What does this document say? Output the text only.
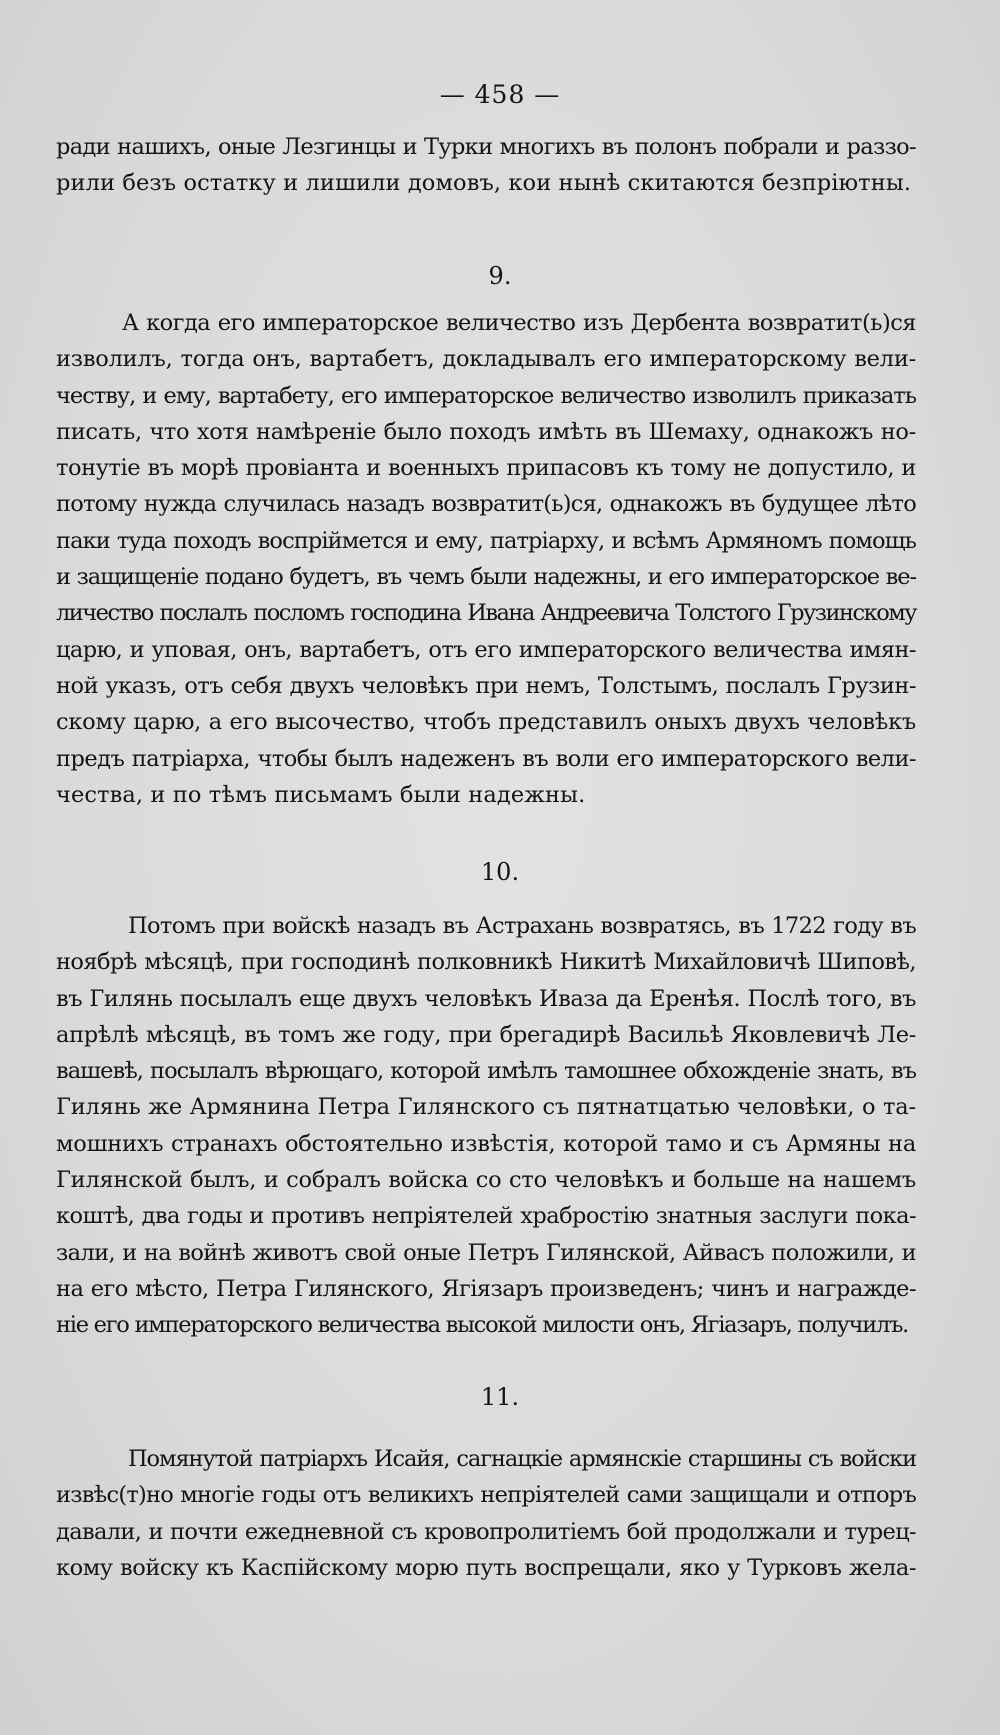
— 458 —
ради нашихъ, оные Лезгинцы и Турки многихъ въ полонъ побрали и раззо-
рили безъ остатку и лишили домовъ, кои нынѣ скитаются безпріютны.
9.
А когда его императорское величество изъ Дербента возвратит(ь)ся
изволилъ, тогда онъ, вартабетъ, докладывалъ его императорскому вели-
честву, и ему, вартабету, его императорское величество изволилъ приказать
писать, что хотя намѣреніе было походъ имѣть въ Шемаху, однакожъ но-
тонутіе въ морѣ провіанта и военныхъ припасовъ къ тому не допустило, и
потому нужда случилась назадъ возвратит(ь)ся, однакожъ въ будущее лѣто
паки туда походъ воспріймется и ему, патріарху, и всѣмъ Армяномъ помощь
и защищеніе подано будетъ, въ чемъ были надежны, и его императорское ве-
личество послалъ посломъ господина Ивана Андреевича Толстого Грузинскому
царю, и уповая, онъ, вартабетъ, отъ его императорского величества имян-
ной указъ, отъ себя двухъ человѣкъ при немъ, Толстымъ, послалъ Грузин-
скому царю, а его высочество, чтобъ представилъ оныхъ двухъ человѣкъ
предъ патріарха, чтобы былъ надеженъ въ воли его императорского вели-
чества, и по тѣмъ письмамъ были надежны.
10.
Потомъ при войскѣ назадъ въ Астрахань возвратясь, въ 1722 году въ
ноябрѣ мѣсяцѣ, при господинѣ полковникѣ Никитѣ Михайловичѣ Шиповѣ,
въ Гилянь посылалъ еще двухъ человѣкъ Иваза да Еренѣя. Послѣ того, въ
апрѣлѣ мѣсяцѣ, въ томъ же году, при брегадирѣ Васильѣ Яковлевичѣ Ле-
вашевѣ, посылалъ вѣрющаго, которой имѣлъ тамошнее обхожденіе знать, въ
Гилянь же Армянина Петра Гилянского съ пятнатцатью человѣки, о та-
мошнихъ странахъ обстоятельно извѣстія, которой тамо и съ Армяны на
Гилянской былъ, и собралъ войска со сто человѣкъ и больше на нашемъ
коштѣ, два годы и противъ непріятелей храбростію знатныя заслуги пока-
зали, и на войнѣ животъ свой оные Петръ Гилянской, Айвасъ положили, и
на его мѣсто, Петра Гилянского, Ягіязаръ произведенъ; чинъ и награжде-
ніе его императорского величества высокой милости онъ, Ягіазаръ, получилъ.
11.
Помянутой патріархъ Исайя, сагнацкіе армянскіе старшины съ войски
извѣс(т)но многіе годы отъ великихъ непріятелей сами защищали и отпоръ
давали, и почти ежедневной съ кровопролитіемъ бой продолжали и турец-
кому войску къ Каспійскому морю путь воспрещали, яко у Турковъ жела-
